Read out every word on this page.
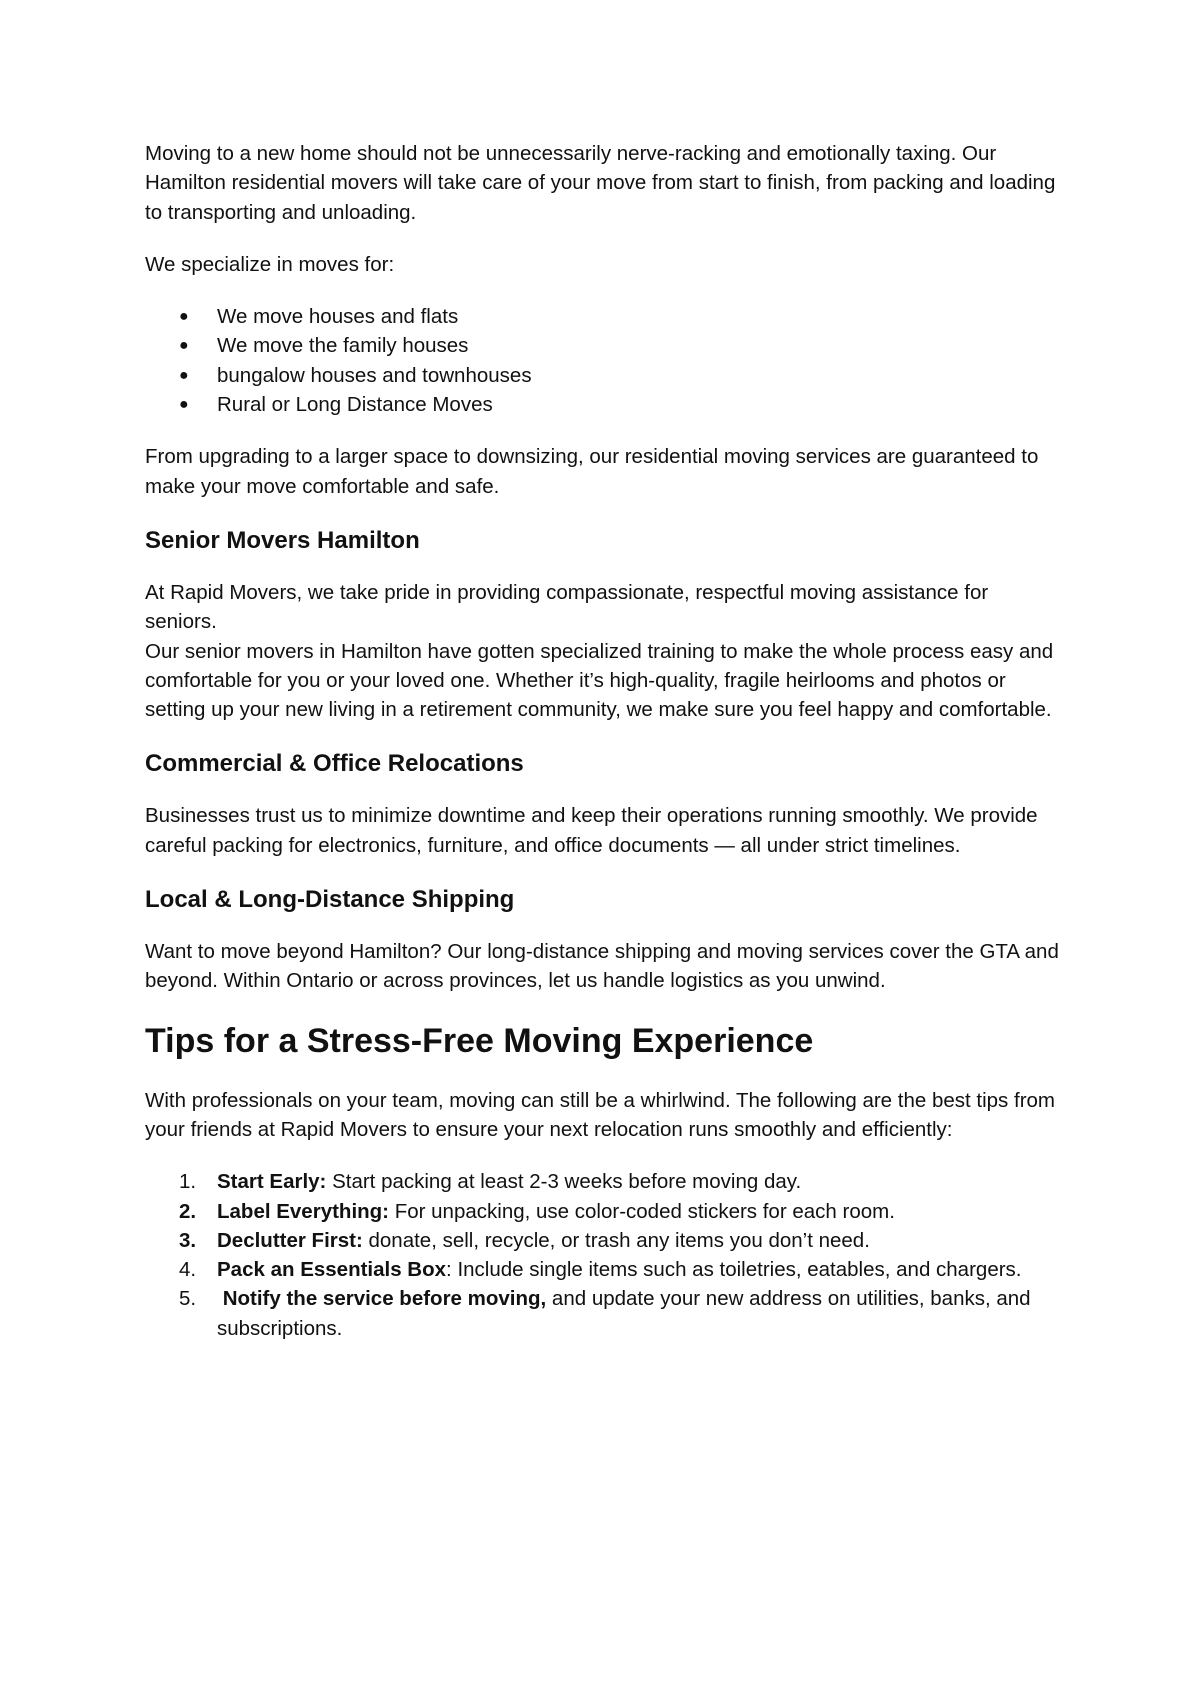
Moving to a new home should not be unnecessarily nerve-racking and emotionally taxing. Our Hamilton residential movers will take care of your move from start to finish, from packing and loading to transporting and unloading.

We specialize in moves for:

● We move houses and flats
● We move the family houses
● bungalow houses and townhouses
● Rural or Long Distance Moves

From upgrading to a larger space to downsizing, our residential moving services are guaranteed to make your move comfortable and safe.

Senior Movers Hamilton

At Rapid Movers, we take pride in providing compassionate, respectful moving assistance for seniors.

Our senior movers in Hamilton have gotten specialized training to make the whole process easy and comfortable for you or your loved one. Whether it’s high-quality, fragile heirlooms and photos or setting up your new living in a retirement community, we make sure you feel happy and comfortable.

Commercial & Office Relocations

Businesses trust us to minimize downtime and keep their operations running smoothly. We provide careful packing for electronics, furniture, and office documents — all under strict timelines.

Local & Long-Distance Shipping

Want to move beyond Hamilton? Our long-distance shipping and moving services cover the GTA and beyond. Within Ontario or across provinces, let us handle logistics as you unwind.

Tips for a Stress-Free Moving Experience

With professionals on your team, moving can still be a whirlwind. The following are the best tips from your friends at Rapid Movers to ensure your next relocation runs smoothly and efficiently:

1. Start Early: Start packing at least 2-3 weeks before moving day.
2. Label Everything: For unpacking, use color-coded stickers for each room.
3. Declutter First: donate, sell, recycle, or trash any items you don’t need.
4. Pack an Essentials Box: Include single items such as toiletries, eatables, and chargers.
5. Notify the service before moving, and update your new address on utilities, banks, and subscriptions.
